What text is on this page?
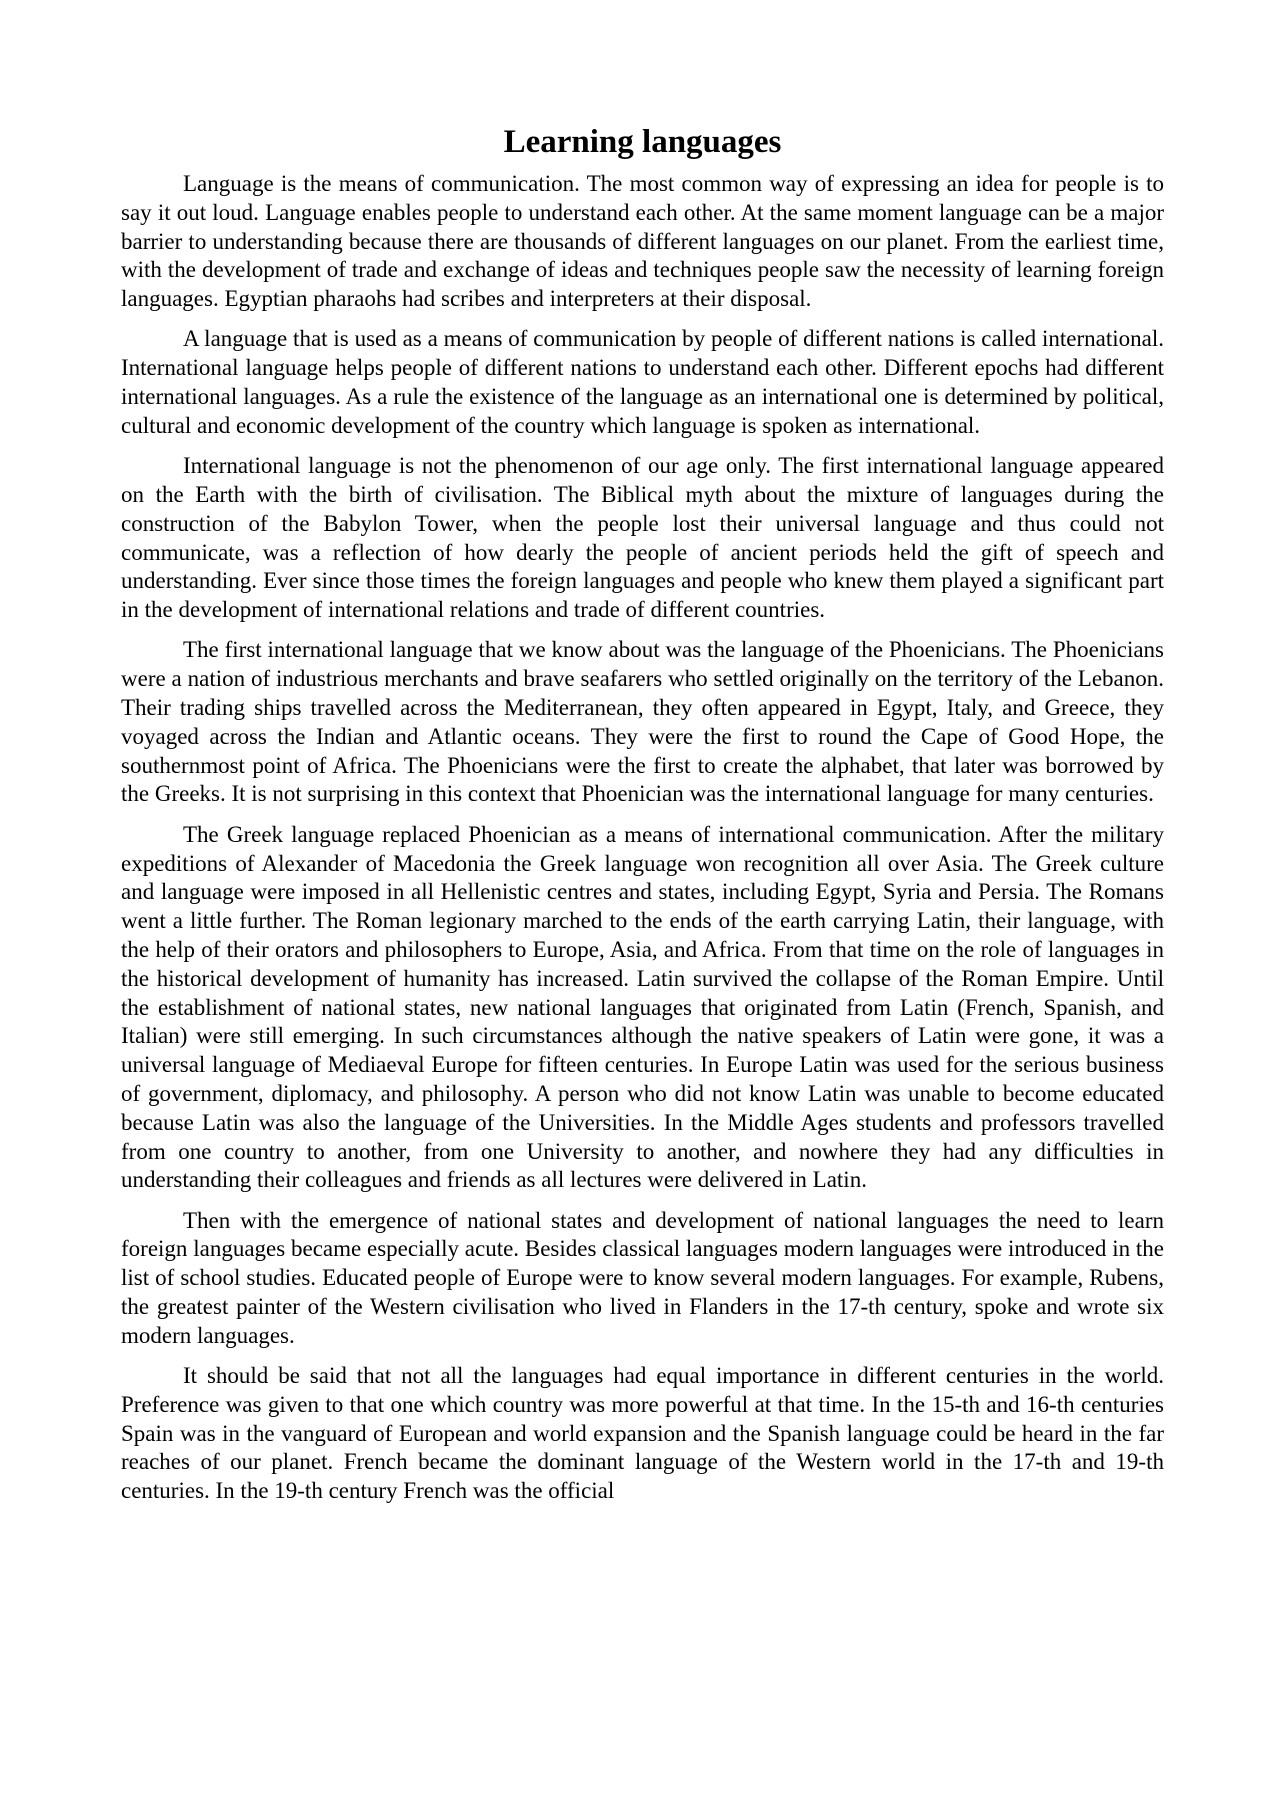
Learning languages

Language is the means of communication. The most common way of expressing an idea for people is to say it out loud. Language enables people to understand each other. At the same moment language can be a major barrier to understanding because there are thousands of different languages on our planet. From the earliest time, with the development of trade and exchange of ideas and techniques people saw the necessity of learning foreign languages. Egyptian pharaohs had scribes and interpreters at their disposal.

A language that is used as a means of communication by people of different nations is called international. International language helps people of different nations to understand each other. Different epochs had different international languages. As a rule the existence of the language as an international one is determined by political, cultural and economic development of the country which language is spoken as international.

International language is not the phenomenon of our age only. The first international language appeared on the Earth with the birth of civilisation. The Biblical myth about the mixture of languages during the construction of the Babylon Tower, when the people lost their universal language and thus could not communicate, was a reflection of how dearly the people of ancient periods held the gift of speech and understanding. Ever since those times the foreign languages and people who knew them played a significant part in the development of international relations and trade of different countries.

The first international language that we know about was the language of the Phoenicians. The Phoenicians were a nation of industrious merchants and brave seafarers who settled originally on the territory of the Lebanon. Their trading ships travelled across the Mediterranean, they often appeared in Egypt, Italy, and Greece, they voyaged across the Indian and Atlantic oceans. They were the first to round the Cape of Good Hope, the southernmost point of Africa. The Phoenicians were the first to create the alphabet, that later was borrowed by the Greeks. It is not surprising in this context that Phoenician was the international language for many centuries.

The Greek language replaced Phoenician as a means of international communication. After the military expeditions of Alexander of Macedonia the Greek language won recognition all over Asia. The Greek culture and language were imposed in all Hellenistic centres and states, including Egypt, Syria and Persia. The Romans went a little further. The Roman legionary marched to the ends of the earth carrying Latin, their language, with the help of their orators and philosophers to Europe, Asia, and Africa. From that time on the role of languages in the historical development of humanity has increased. Latin survived the collapse of the Roman Empire. Until the establishment of national states, new national languages that originated from Latin (French, Spanish, and Italian) were still emerging. In such circumstances although the native speakers of Latin were gone, it was a universal language of Mediaeval Europe for fifteen centuries. In Europe Latin was used for the serious business of government, diplomacy, and philosophy. A person who did not know Latin was unable to become educated because Latin was also the language of the Universities. In the Middle Ages students and professors travelled from one country to another, from one University to another, and nowhere they had any difficulties in understanding their colleagues and friends as all lectures were delivered in Latin.

Then with the emergence of national states and development of national languages the need to learn foreign languages became especially acute. Besides classical languages modern languages were introduced in the list of school studies. Educated people of Europe were to know several modern languages. For example, Rubens, the greatest painter of the Western civilisation who lived in Flanders in the 17-th century, spoke and wrote six modern languages.

It should be said that not all the languages had equal importance in different centuries in the world. Preference was given to that one which country was more powerful at that time. In the 15-th and 16-th centuries Spain was in the vanguard of European and world expansion and the Spanish language could be heard in the far reaches of our planet. French became the dominant language of the Western world in the 17-th and 19-th centuries. In the 19-th century French was the official
